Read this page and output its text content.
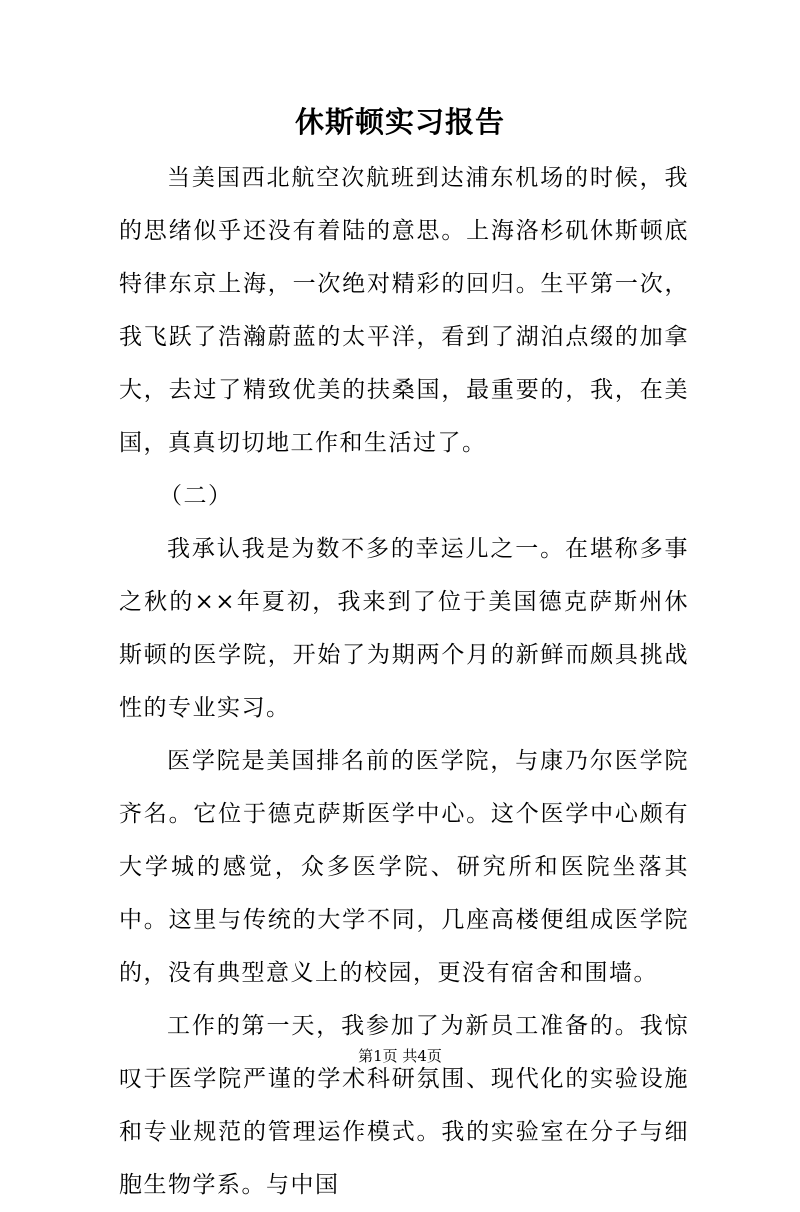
休斯顿实习报告

当美国西北航空次航班到达浦东机场的时候，我的思绪似乎还没有着陆的意思。上海洛杉矶休斯顿底特律东京上海，一次绝对精彩的回归。生平第一次，我飞跃了浩瀚蔚蓝的太平洋，看到了湖泊点缀的加拿大，去过了精致优美的扶桑国，最重要的，我，在美国，真真切切地工作和生活过了。

（二）

我承认我是为数不多的幸运儿之一。在堪称多事之秋的××年夏初，我来到了位于美国德克萨斯州休斯顿的医学院，开始了为期两个月的新鲜而颇具挑战性的专业实习。

医学院是美国排名前的医学院，与康乃尔医学院齐名。它位于德克萨斯医学中心。这个医学中心颇有大学城的感觉，众多医学院、研究所和医院坐落其中。这里与传统的大学不同，几座高楼便组成医学院的，没有典型意义上的校园，更没有宿舍和围墙。

工作的第一天，我参加了为新员工准备的。我惊叹于医学院严谨的学术科研氛围、现代化的实验设施和专业规范的管理运作模式。我的实验室在分子与细胞生物学系。与中国

第1页 共4页
